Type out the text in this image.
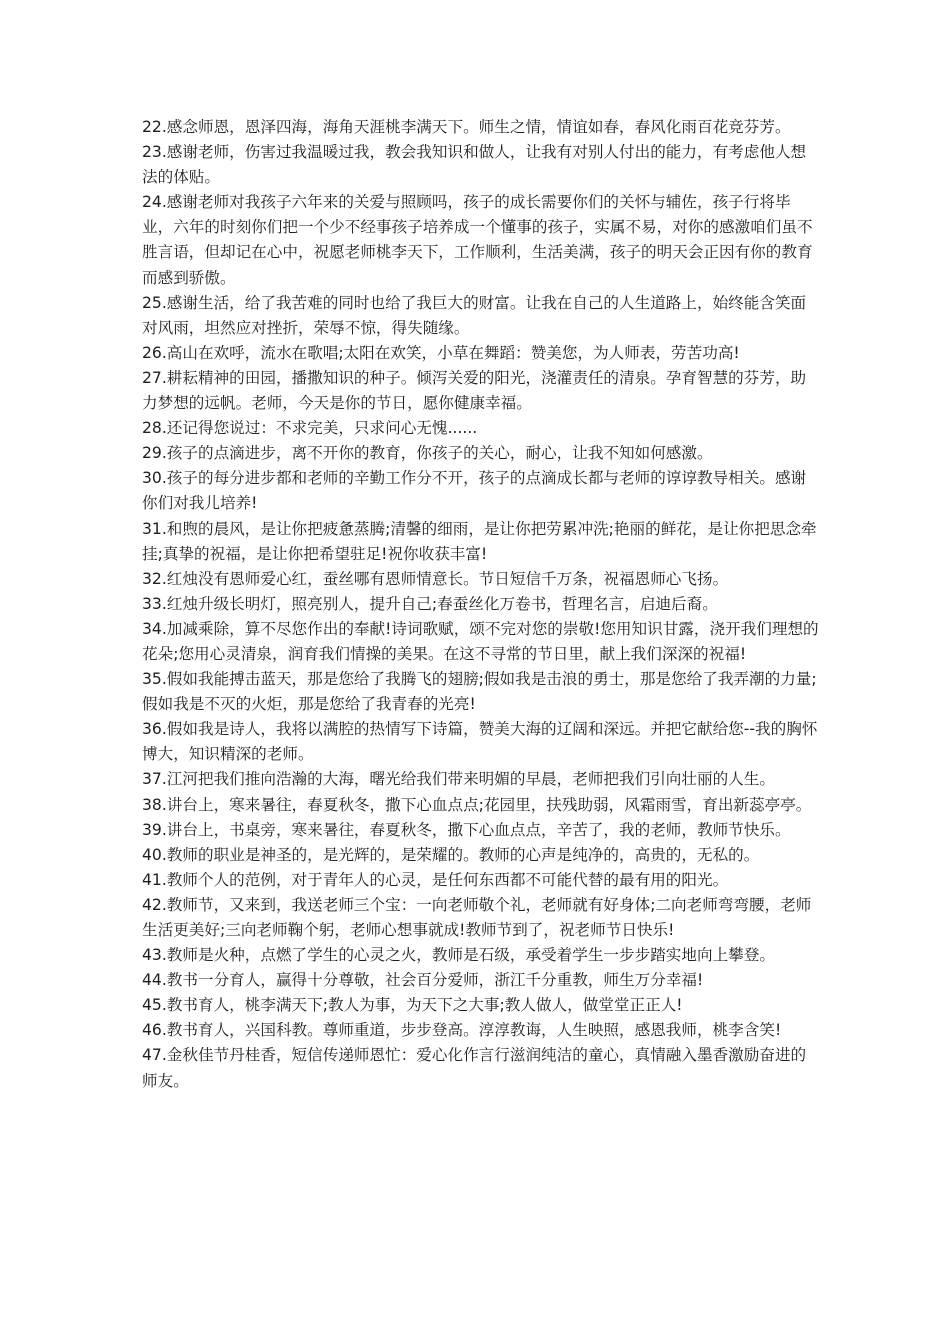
22.感念师恩，恩泽四海，海角天涯桃李满天下。师生之情，情谊如春，春风化雨百花竞芬芳。

23.感谢老师，伤害过我温暖过我，教会我知识和做人，让我有对别人付出的能力，有考虑他人想法的体贴。

24.感谢老师对我孩子六年来的关爱与照顾吗，孩子的成长需要你们的关怀与辅佐，孩子行将毕业，六年的时刻你们把一个少不经事孩子培养成一个懂事的孩子，实属不易，对你的感激咱们虽不胜言语，但却记在心中，祝愿老师桃李天下，工作顺利，生活美满，孩子的明天会正因有你的教育而感到骄傲。

25.感谢生活，给了我苦难的同时也给了我巨大的财富。让我在自己的人生道路上，始终能含笑面对风雨，坦然应对挫折，荣辱不惊，得失随缘。

26.高山在欢呼，流水在歌唱;太阳在欢笑，小草在舞蹈：赞美您，为人师表，劳苦功高!

27.耕耘精神的田园，播撒知识的种子。倾泻关爱的阳光，浇灌责任的清泉。孕育智慧的芬芳，助力梦想的远帆。老师，今天是你的节日，愿你健康幸福。

28.还记得您说过：不求完美，只求问心无愧......

29.孩子的点滴进步，离不开你的教育，你孩子的关心，耐心，让我不知如何感激。

30.孩子的每分进步都和老师的辛勤工作分不开，孩子的点滴成长都与老师的谆谆教导相关。感谢你们对我儿培养!

31.和煦的晨风，是让你把疲惫蒸腾;清馨的细雨，是让你把劳累冲洗;艳丽的鲜花，是让你把思念牵挂;真挚的祝福，是让你把希望驻足!祝你收获丰富!

32.红烛没有恩师爱心红，蚕丝哪有恩师情意长。节日短信千万条，祝福恩师心飞扬。

33.红烛升级长明灯，照亮别人，提升自己;春蚕丝化万卷书，哲理名言，启迪后裔。

34.加减乘除，算不尽您作出的奉献!诗词歌赋，颂不完对您的崇敬!您用知识甘露，浇开我们理想的花朵;您用心灵清泉，润育我们情操的美果。在这不寻常的节日里，献上我们深深的祝福!

35.假如我能搏击蓝天，那是您给了我腾飞的翅膀;假如我是击浪的勇士，那是您给了我弄潮的力量;假如我是不灭的火炬，那是您给了我青春的光亮!

36.假如我是诗人，我将以满腔的热情写下诗篇，赞美大海的辽阔和深远。并把它献给您--我的胸怀博大，知识精深的老师。

37.江河把我们推向浩瀚的大海，曙光给我们带来明媚的早晨，老师把我们引向壮丽的人生。

38.讲台上，寒来暑往，春夏秋冬，撒下心血点点;花园里，扶残助弱，风霜雨雪，育出新蕊亭亭。

39.讲台上，书桌旁，寒来暑往，春夏秋冬，撒下心血点点，辛苦了，我的老师，教师节快乐。

40.教师的职业是神圣的，是光辉的，是荣耀的。教师的心声是纯净的，高贵的，无私的。

41.教师个人的范例，对于青年人的心灵，是任何东西都不可能代替的最有用的阳光。

42.教师节，又来到，我送老师三个宝：一向老师敬个礼，老师就有好身体;二向老师弯弯腰，老师生活更美好;三向老师鞠个躬，老师心想事就成!教师节到了，祝老师节日快乐!

43.教师是火种，点燃了学生的心灵之火，教师是石级，承受着学生一步步踏实地向上攀登。

44.教书一分育人，赢得十分尊敬，社会百分爱师，浙江千分重教，师生万分幸福!

45.教书育人，桃李满天下;教人为事，为天下之大事;教人做人，做堂堂正正人!

46.教书育人，兴国科教。尊师重道，步步登高。淳淳教诲，人生映照，感恩我师，桃李含笑!

47.金秋佳节丹桂香，短信传递师恩忙：爱心化作言行滋润纯洁的童心，真情融入墨香激励奋进的师友。
